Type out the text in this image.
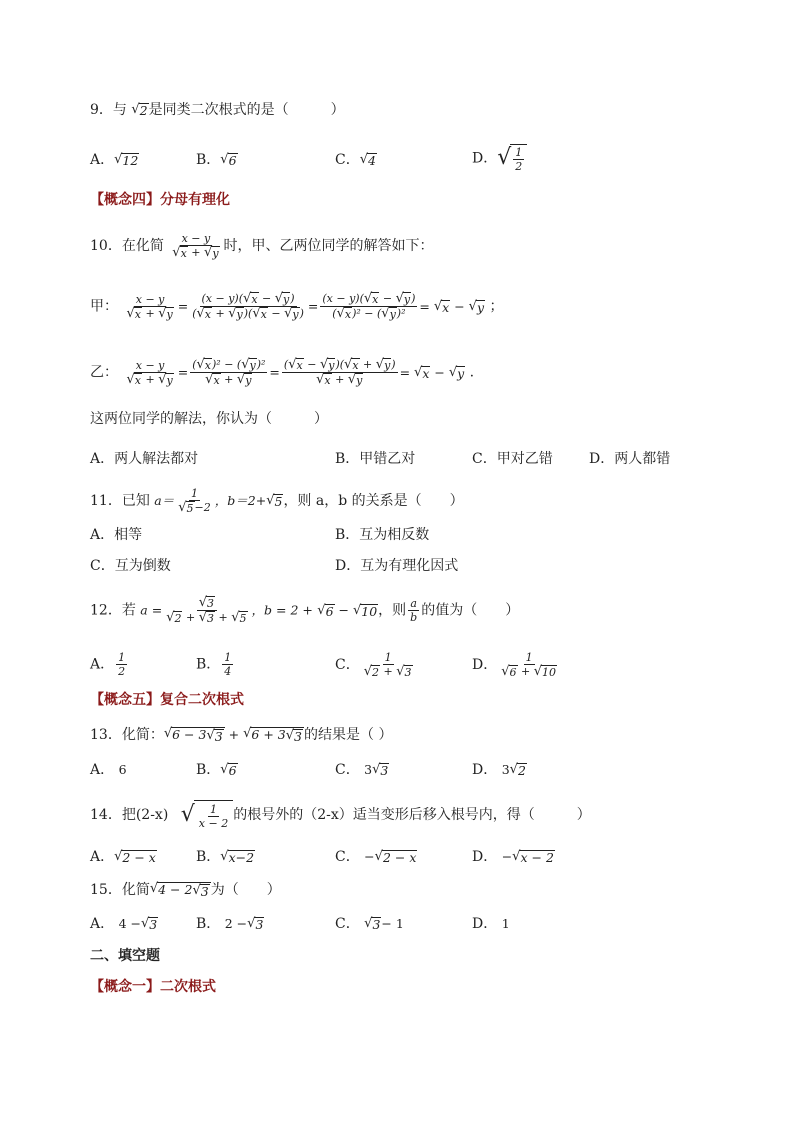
9．与 √ 2 是同类二次根式的是（　　　）
A． √ 12	B． √ 6	C． √ 4	D． √ $\frac{1}{2}$
【概念四】分母有理化
10．在化简 $\frac{x - y}{√ x + √ y}$ 时，甲、乙两位同学的解答如下：
甲： $\frac{x - y}{√ x + √ y} = \frac{(x - y)( √ x - √ y )}{( √ x + √ y )( √ x - √ y )} = \frac{(x - y)( √ x - √ y )}{\text{( √ x )² − ( √ y )²}}$ = √ x − √ y ；
乙： $\frac{x - y}{√ x + √ y} = \frac{\text{( √ x )² − ( √ y )²}}{√ x + √ y} = \frac{( √ x - √ y )( √ x + √ y )}{√ x + √ y}$ = √ x − √ y .
这两位同学的解法，你认为（　　　）
A．两人解法都对	B．甲错乙对	C．甲对乙错	D．两人都错
11．已知 $a= \frac{1}{√ 5 -2}$ ，b＝2+ √ 5 ，则 a，b 的关系是（　　）
A．相等	B．互为相反数
C．互为倒数	D．互为有理化因式
12．若 $a = \frac{√ 3}{√ 2 + √ 3 + √ 5}$ ，b = 2 + √ 6 − √ 10 ，则 $\frac{a}{b}$ 的值为（　　）
A． $\frac{1}{2}$	B． $\frac{1}{4}$	C． $\frac{1}{√ 2 + √ 3}$	D． $\frac{1}{√ 6 + √ 10}$
【概念五】复合二次根式
13．化简： √ 6 − 3 √ 3 + √ 6 + 3 √ 3 的结果是（ ）
A． 6	B． √ 6	C． 3 √ 3	D． 3 √ 2
14．把(2-x) √ $\frac{1}{x - 2}$ 的根号外的（2-x）适当变形后移入根号内，得（　　　）
A． √ 2 − x	B． √ x−2	C． − √ 2 − x	D． − √ x − 2
15．化简 √ 4 − 2 √ 3 为（　　）
A． 4 − √ 3	B． 2 − √ 3	C． √ 3 − 1	D． 1
二、填空题
【概念一】二次根式
